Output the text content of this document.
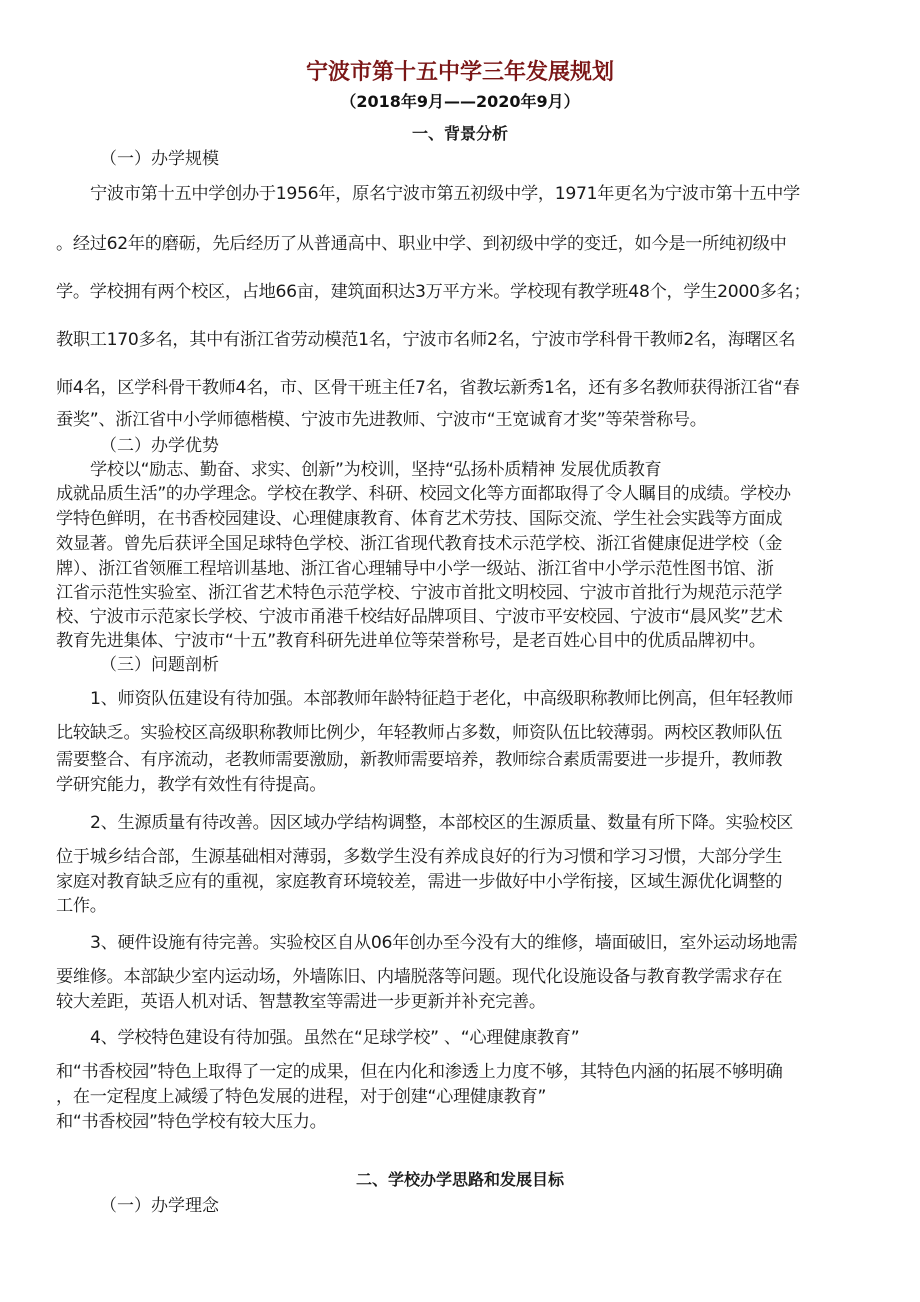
宁波市第十五中学三年发展规划
（2018年9月——2020年9月）
一、背景分析
（一）办学规模
宁波市第十五中学创办于1956年，原名宁波市第五初级中学，1971年更名为宁波市第十五中学
。经过62年的磨砺，先后经历了从普通高中、职业中学、到初级中学的变迁，如今是一所纯初级中
学。学校拥有两个校区，占地66亩，建筑面积达3万平方米。学校现有教学班48个，学生2000多名；
教职工170多名，其中有浙江省劳动模范1名，宁波市名师2名，宁波市学科骨干教师2名，海曙区名
师4名，区学科骨干教师4名，市、区骨干班主任7名，省教坛新秀1名，还有多名教师获得浙江省“春
蚕奖”、浙江省中小学师德楷模、宁波市先进教师、宁波市“王宽诚育才奖”等荣誉称号。
（二）办学优势
学校以“励志、勤奋、求实、创新”为校训，坚持“弘扬朴质精神 发展优质教育
成就品质生活”的办学理念。学校在教学、科研、校园文化等方面都取得了令人瞩目的成绩。学校办
学特色鲜明，在书香校园建设、心理健康教育、体育艺术劳技、国际交流、学生社会实践等方面成
效显著。曾先后获评全国足球特色学校、浙江省现代教育技术示范学校、浙江省健康促进学校（金
牌）、浙江省领雁工程培训基地、浙江省心理辅导中小学一级站、浙江省中小学示范性图书馆、浙
江省示范性实验室、浙江省艺术特色示范学校、宁波市首批文明校园、宁波市首批行为规范示范学
校、宁波市示范家长学校、宁波市甬港千校结好品牌项目、宁波市平安校园、宁波市“晨风奖”艺术
教育先进集体、宁波市“十五”教育科研先进单位等荣誉称号，是老百姓心目中的优质品牌初中。
（三）问题剖析
1、师资队伍建设有待加强。本部教师年龄特征趋于老化，中高级职称教师比例高，但年轻教师
比较缺乏。实验校区高级职称教师比例少，年轻教师占多数，师资队伍比较薄弱。两校区教师队伍
需要整合、有序流动，老教师需要激励，新教师需要培养，教师综合素质需要进一步提升，教师教
学研究能力，教学有效性有待提高。
2、生源质量有待改善。因区域办学结构调整，本部校区的生源质量、数量有所下降。实验校区
位于城乡结合部，生源基础相对薄弱，多数学生没有养成良好的行为习惯和学习习惯，大部分学生
家庭对教育缺乏应有的重视，家庭教育环境较差，需进一步做好中小学衔接，区域生源优化调整的
工作。
3、硬件设施有待完善。实验校区自从06年创办至今没有大的维修，墙面破旧，室外运动场地需
要维修。本部缺少室内运动场，外墙陈旧、内墙脱落等问题。现代化设施设备与教育教学需求存在
较大差距，英语人机对话、智慧教室等需进一步更新并补充完善。
4、学校特色建设有待加强。虽然在“足球学校” 、“心理健康教育”
和“书香校园”特色上取得了一定的成果，但在内化和渗透上力度不够，其特色内涵的拓展不够明确
，在一定程度上减缓了特色发展的进程，对于创建“心理健康教育”
和“书香校园”特色学校有较大压力。
二、学校办学思路和发展目标
（一）办学理念
